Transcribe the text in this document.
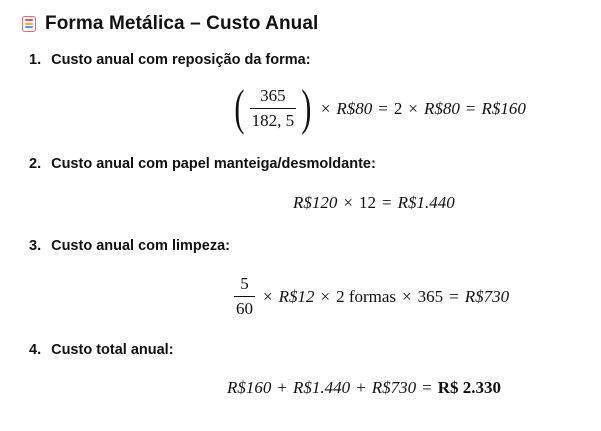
Forma Metálica – Custo Anual
1. Custo anual com reposição da forma:
( $\frac{365}{182, 5}$ ) × R$80 = 2 × R$80 = R$160
2. Custo anual com papel manteiga/desmoldante:
R$120 × 12 = R$1.440
3. Custo anual com limpeza:
$\frac{5}{60}$ × R$12 × 2 formas × 365 = R$730
4. Custo total anual:
R$160 + R$1.440 + R$730 = R$ 2.330
